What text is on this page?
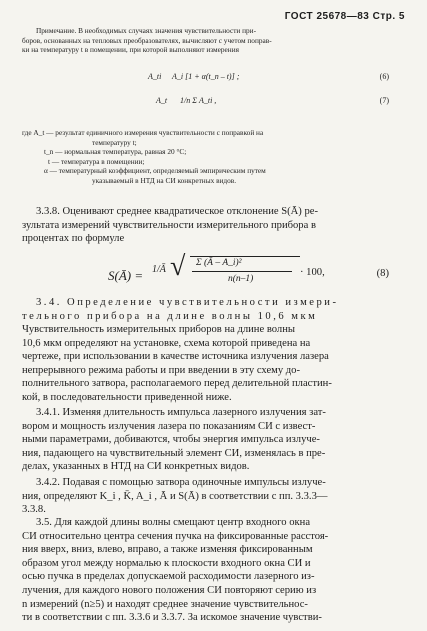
ГОСТ 25678—83 Стр. 5

Примечание. В необходимых случаях значения чувствительности при-

боров, основанных на тепловых преобразователях, вычисляют с учетом поправ-

ки на температуру t в помещении, при которой выполняют измерения

A_ti A_i [1 + α(t_n – t)] ;	(6)
A_t 1/n Σ A_ti ,	(7)

где A_t — результат единичного измерения чувствительности с поправкой на

температуру t;

t_n — нормальная температура, равная 20 °C;

t — температура в помещении;

α — температурный коэффициент, определяемый эмпирическим путем

указываемый в НТД на СИ конкретных видов.

3.3.8. Оценивают среднее квадратическое отклонение S(Ā) ре-

зультата измерений чувствительности измерительного прибора в

процентах по формуле

S(Ā) = 1/Ā √ Σ (Ā – A_i)²
n(n–1)
· 100,	(8)

3.4. Определение чувствительности измери-

тельного прибора на длине волны 10,6 мкм

Чувствительность измерительных приборов на длине волны

10,6 мкм определяют на установке, схема которой приведена на

чертеже, при использовании в качестве источника излучения лазера

непрерывного режима работы и при введении в эту схему до-

полнительного затвора, располагаемого перед делительной пластин-

кой, в последовательности приведенной ниже.

3.4.1. Изменяя длительность импульса лазерного излучения зат-

вором и мощность излучения лазера по показаниям СИ с извест-

ными параметрами, добиваются, чтобы энергия импульса излуче-

ния, падающего на чувствительный элемент СИ, изменялась в пре-

делах, указанных в НТД на СИ конкретных видов.

3.4.2. Подавая с помощью затвора одиночные импульсы излуче-

ния, определяют K_i , K̄, A_i , Ā и S(Ā) в соответствии с пп. 3.3.3—

3.3.8.

3.5. Для каждой длины волны смещают центр входного окна

СИ относительно центра сечения пучка на фиксированные расстоя-

ния вверх, вниз, влево, вправо, а также изменяя фиксированным

образом угол между нормалью к плоскости входного окна СИ и

осью пучка в пределах допускаемой расходимости лазерного из-

лучения, для каждого нового положения СИ повторяют серию из

n измерений (n≥5) и находят среднее значение чувствительнос-

ти в соответствии с пп. 3.3.6 и 3.3.7. За искомое значение чувстви-
